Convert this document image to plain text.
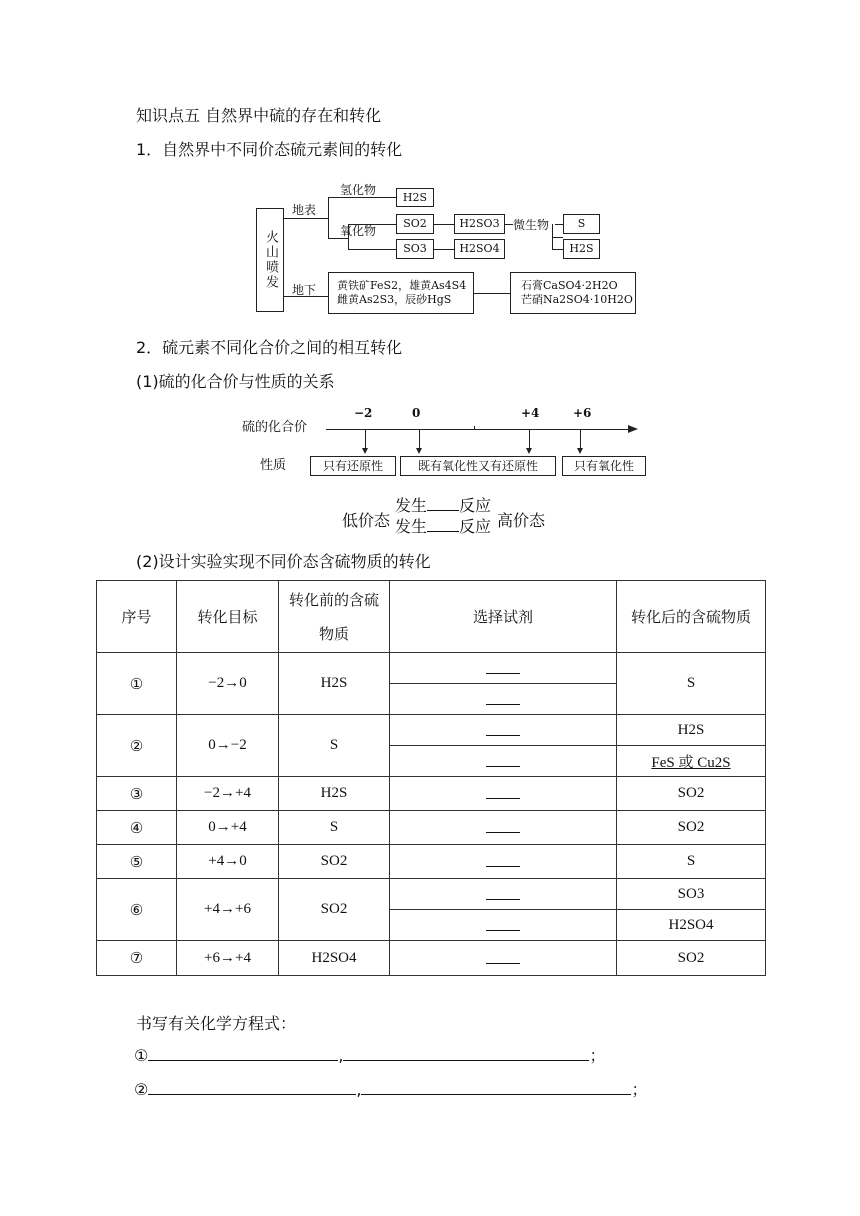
知识点五 自然界中硫的存在和转化
1．自然界中不同价态硫元素间的转化
火山喷发
地表
地下
氢化物
氧化物	微生物
H2S
SO2	H2SO3
SO3	H2SO4
S
H2S
黄铁矿FeS2，雄黄As4S4
雌黄As2S3，辰砂HgS
石膏CaSO4·2H2O
芒硝Na2SO4·10H2O
2．硫元素不同化合价之间的相互转化
(1)硫的化合价与性质的关系
硫的化合价
−2	0	+4	+6
性质	只有还原性	既有氧化性又有还原性	只有氧化性
发生 反应
低价态 发生 反应 高价态
(2)设计实验实现不同价态含硫物质的转化
序号	转化目标	转化前的含硫物质	选择试剂	转化后的含硫物质
①	−2→0	H2S		S

②	0→−2	S		H2S
				FeS 或 Cu2S
③	−2→+4	H2S		SO2
④	0→+4	S		SO2
⑤	+4→0	SO2		S
⑥	+4→+6	SO2		SO3
				H2SO4
⑦	+6→+4	H2SO4		SO2
书写有关化学方程式：
①	,	；
②	,	；
